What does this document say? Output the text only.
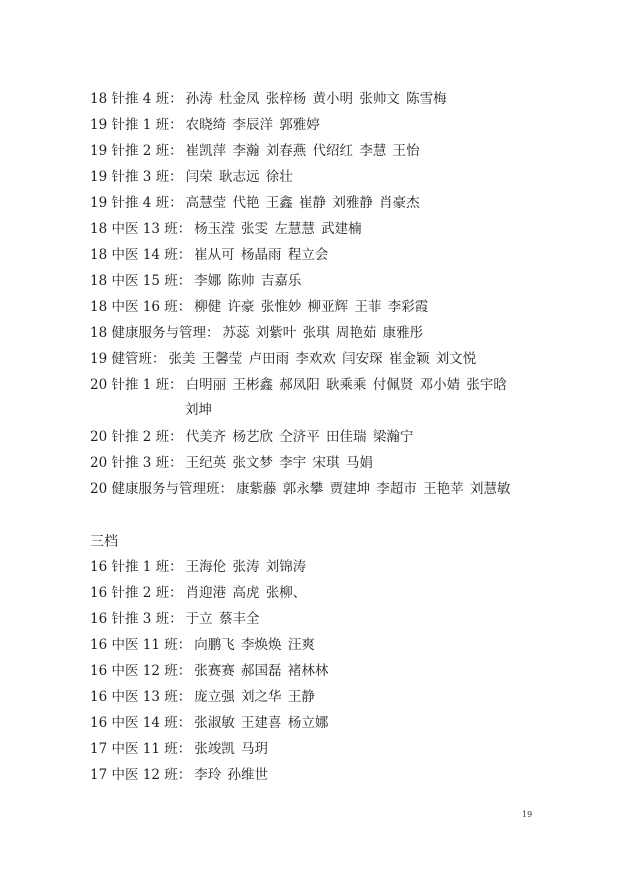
18 针推 4 班： 孙涛 杜金凤 张梓杨 黄小明 张帅文 陈雪梅
19 针推 1 班： 农晓绮 李辰洋 郭雅婷
19 针推 2 班： 崔凯萍 李瀚 刘春燕 代绍红 李慧 王怡
19 针推 3 班： 闫荣 耿志远 徐壮
19 针推 4 班： 高慧莹 代艳 王鑫 崔静 刘雅静 肖豪杰
18 中医 13 班： 杨玉滢 张雯 左慧慧 武建楠
18 中医 14 班： 崔从可 杨晶雨 程立会
18 中医 15 班： 李娜 陈帅 吉嘉乐
18 中医 16 班： 柳健 许豪 张惟妙 柳亚辉 王菲 李彩霞
18 健康服务与管理： 苏蕊 刘紫叶 张琪 周艳茹 康雅彤
19 健管班： 张美 王馨莹 卢田雨 李欢欢 闫安琛 崔金颖 刘文悦
20 针推 1 班： 白明丽 王彬鑫 郝凤阳 耿乘乘 付佩贤 邓小婧 张宇晗
刘坤
20 针推 2 班： 代美齐 杨艺欣 仝济平 田佳瑞 梁瀚宁
20 针推 3 班： 王纪英 张文梦 李宇 宋琪 马娟
20 健康服务与管理班： 康紫藤 郭永攀 贾建坤 李超市 王艳苹 刘慧敏
三档
16 针推 1 班： 王海伦 张涛 刘锦涛
16 针推 2 班： 肖迎港 高虎 张柳、
16 针推 3 班： 于立 蔡丰全
16 中医 11 班： 向鹏飞 李焕焕 汪爽
16 中医 12 班： 张赛赛 郝国磊 褚林林
16 中医 13 班： 庞立强 刘之华 王静
16 中医 14 班： 张淑敏 王建喜 杨立娜
17 中医 11 班： 张竣凯 马玥
17 中医 12 班： 李玲 孙维世
19
